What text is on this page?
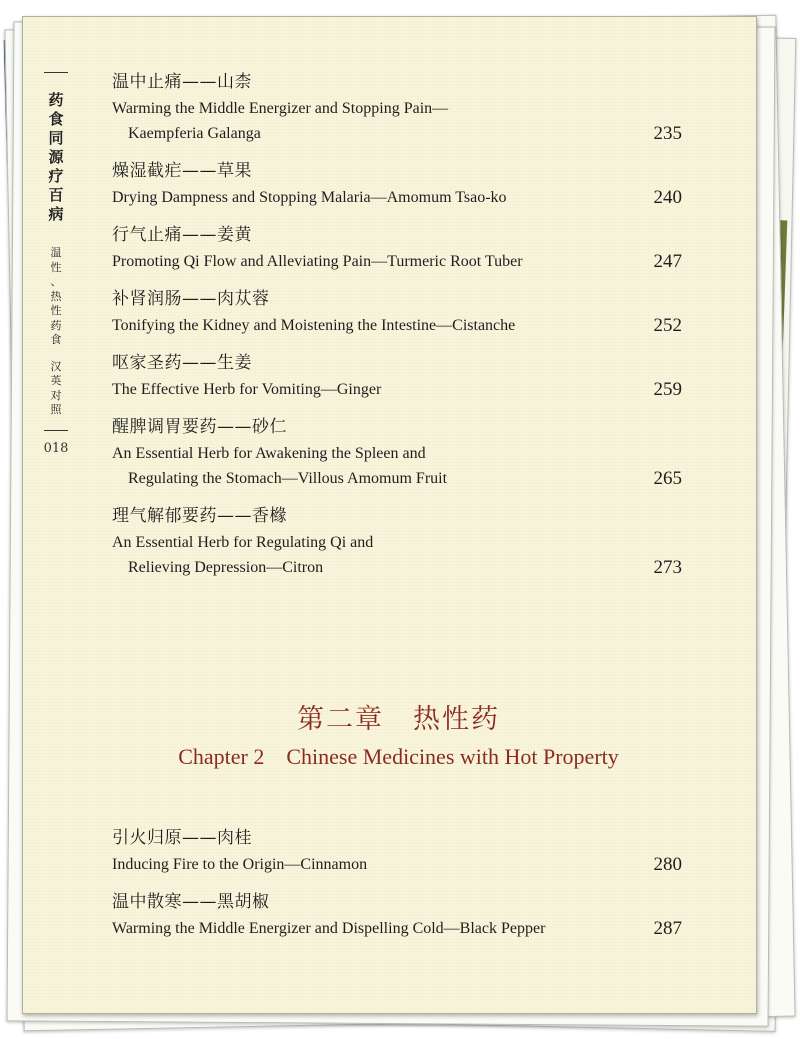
药
食
同
源
疗
百
病
温
性
、
热
性
药
食
汉
英
对
照
018
温中止痛——山柰
Warming the Middle Energizer and Stopping Pain—
Kaempferia Galanga	235
燥湿截疟——草果
Drying Dampness and Stopping Malaria—Amomum Tsao-ko	240
行气止痛——姜黄
Promoting Qi Flow and Alleviating Pain—Turmeric Root Tuber	247
补肾润肠——肉苁蓉
Tonifying the Kidney and Moistening the Intestine—Cistanche	252
呕家圣药——生姜
The Effective Herb for Vomiting—Ginger	259
醒脾调胃要药——砂仁
An Essential Herb for Awakening the Spleen and
Regulating the Stomach—Villous Amomum Fruit	265
理气解郁要药——香橼
An Essential Herb for Regulating Qi and
Relieving Depression—Citron	273
第二章　热性药
Chapter 2　Chinese Medicines with Hot Property
引火归原——肉桂
Inducing Fire to the Origin—Cinnamon	280
温中散寒——黑胡椒
Warming the Middle Energizer and Dispelling Cold—Black Pepper	287
